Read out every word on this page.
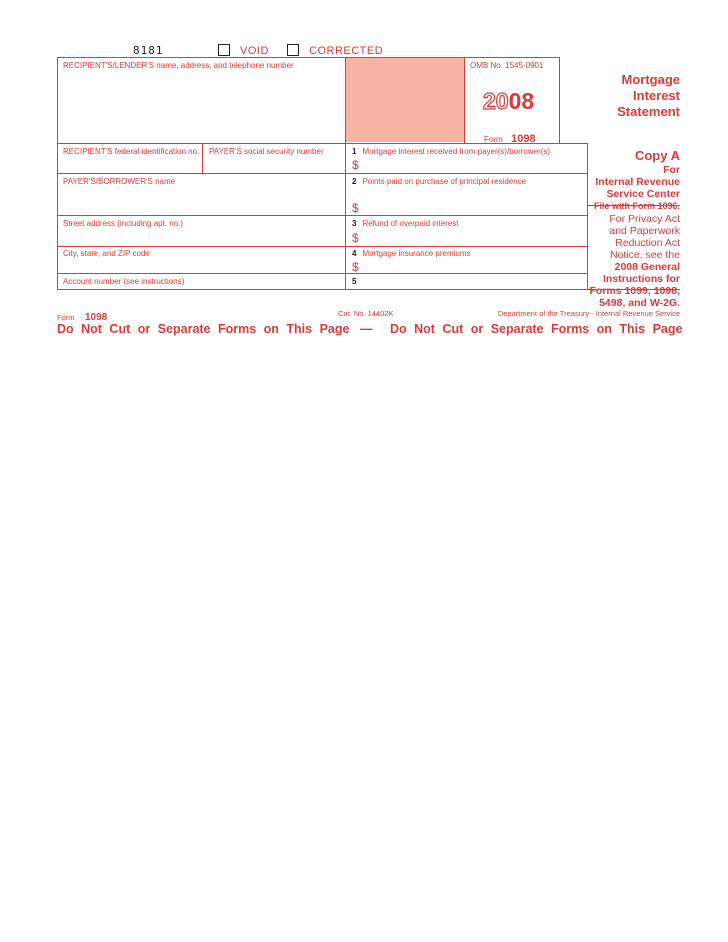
8181	VOID	CORRECTED
RECIPIENT'S/LENDER'S name, address, and telephone number	OMB No. 1545-0901
2008
Form 1098
RECIPIENT'S federal identification no. PAYER'S social security number	1 Mortgage interest received from payer(s)/borrower(s)
$
PAYER'S/BORROWER'S name	2 Points paid on purchase of principal residence
$
Street address (including apt. no.)	3 Refund of overpaid interest
$
City, state, and ZIP code	4 Mortgage insurance premiums
$
Account number (see instructions)	5
Mortgage
Interest
Statement
Copy A
For
Internal Revenue
Service Center
File with Form 1096.
For Privacy Act
and Paperwork
Reduction Act
Notice, see the
2008 General
Instructions for
Forms 1099, 1098,
5498, and W-2G.
Form 1098	Cat. No. 14402K	Department of the Treasury - Internal Revenue Service
Do Not Cut or Separate Forms on This Page — Do Not Cut or Separate Forms on This Page
